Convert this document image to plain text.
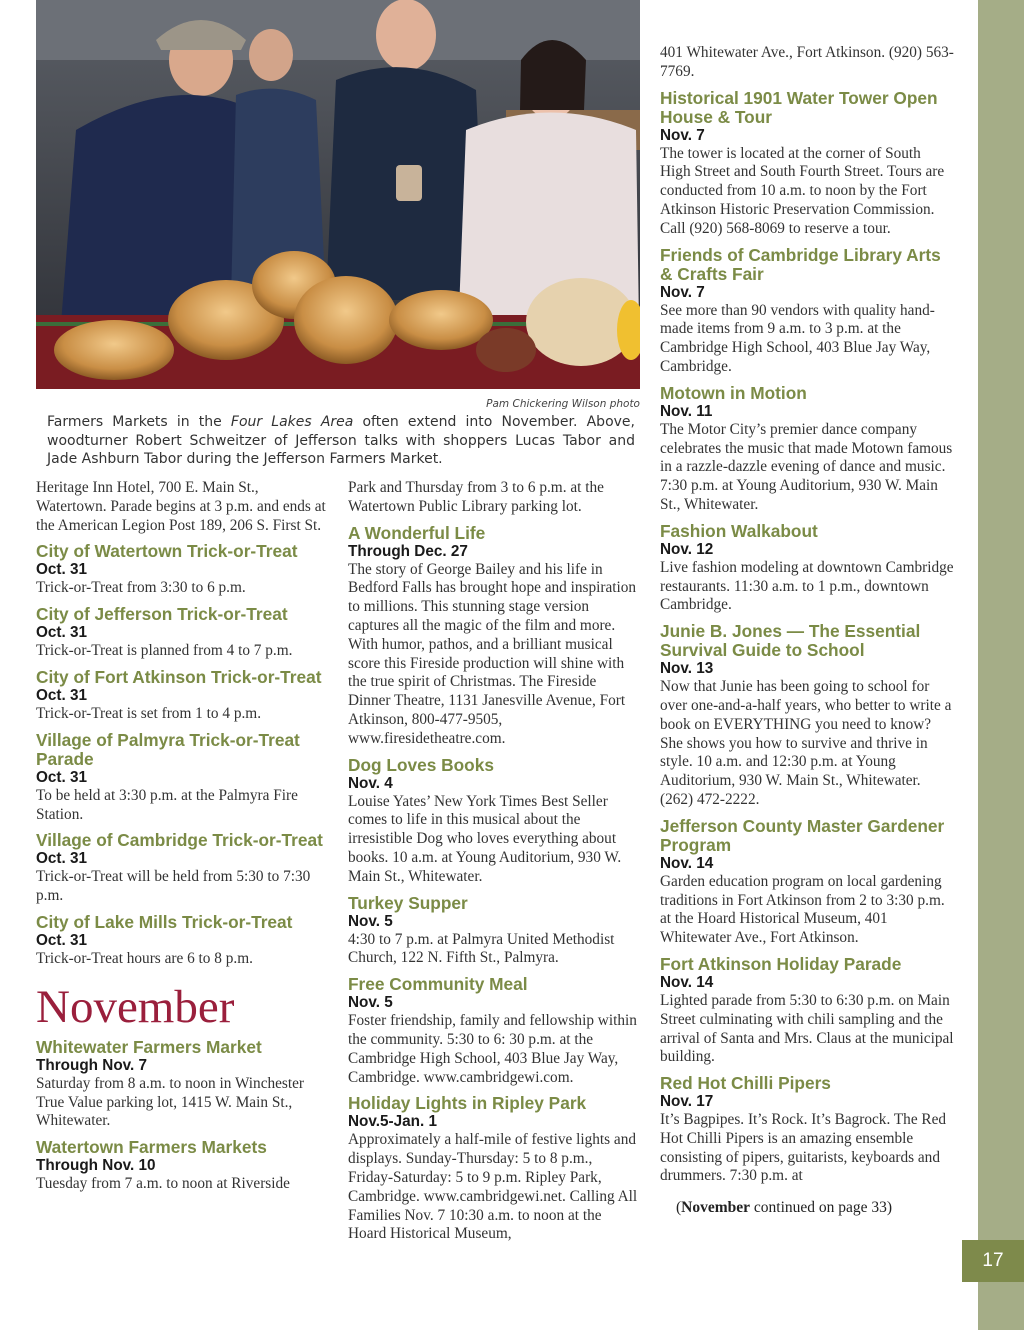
Pam Chickering Wilson photo
Farmers Markets in the Four Lakes Area often extend into November. Above, woodturner Robert Schweitzer of Jefferson talks with shoppers Lucas Tabor and Jade Ashburn Tabor during the Jefferson Farmers Market.
Heritage Inn Hotel, 700 E. Main St., Watertown. Parade begins at 3 p.m. and ends at the American Legion Post 189, 206 S. First St.
City of Watertown Trick-or-Treat
Oct. 31
Trick-or-Treat from 3:30 to 6 p.m.
City of Jefferson Trick-or-Treat
Oct. 31
Trick-or-Treat is planned from 4 to 7 p.m.
City of Fort Atkinson Trick-or-Treat
Oct. 31
Trick-or-Treat is set from 1 to 4 p.m.
Village of Palmyra Trick-or-Treat Parade
Oct. 31
To be held at 3:30 p.m. at the Palmyra Fire Station.
Village of Cambridge Trick-or-Treat
Oct. 31
Trick-or-Treat will be held from 5:30 to 7:30 p.m.
City of Lake Mills Trick-or-Treat
Oct. 31
Trick-or-Treat hours are 6 to 8 p.m.
November
Whitewater Farmers Market
Through Nov. 7
Saturday from 8 a.m. to noon in Winchester True Value parking lot, 1415 W. Main St., Whitewater.
Watertown Farmers Markets
Through Nov. 10
Tuesday from 7 a.m. to noon at Riverside
Park and Thursday from 3 to 6 p.m. at the Watertown Public Library parking lot.
A Wonderful Life
Through Dec. 27
The story of George Bailey and his life in Bedford Falls has brought hope and inspiration to millions. This stunning stage version captures all the magic of the film and more. With humor, pathos, and a brilliant musical score this Fireside production will shine with the true spirit of Christmas. The Fireside Dinner Theatre, 1131 Janesville Avenue, Fort Atkinson, 800-477-9505, www.firesidetheatre.com.
Dog Loves Books
Nov. 4
Louise Yates’ New York Times Best Seller comes to life in this musical about the irresistible Dog who loves everything about books. 10 a.m. at Young Auditorium, 930 W. Main St., Whitewater.
Turkey Supper
Nov. 5
4:30 to 7 p.m. at Palmyra United Methodist Church, 122 N. Fifth St., Palmyra.
Free Community Meal
Nov. 5
Foster friendship, family and fellowship within the community. 5:30 to 6: 30 p.m. at the Cambridge High School, 403 Blue Jay Way, Cambridge. www.cambridgewi.com.
Holiday Lights in Ripley Park
Nov.5-Jan. 1
Approximately a half-mile of festive lights and displays. Sunday-Thursday: 5 to 8 p.m., Friday-Saturday: 5 to 9 p.m. Ripley Park, Cambridge. www.cambridgewi.net. Calling All Families Nov. 7 10:30 a.m. to noon at the Hoard Historical Museum,
401 Whitewater Ave., Fort Atkinson. (920) 563-7769.
Historical 1901 Water Tower Open House & Tour
Nov. 7
The tower is located at the corner of South High Street and South Fourth Street. Tours are conducted from 10 a.m. to noon by the Fort Atkinson Historic Preservation Commission. Call (920) 568-8069 to reserve a tour.
Friends of Cambridge Library Arts & Crafts Fair
Nov. 7
See more than 90 vendors with quality hand-made items from 9 a.m. to 3 p.m. at the Cambridge High School, 403 Blue Jay Way, Cambridge.
Motown in Motion
Nov. 11
The Motor City’s premier dance company celebrates the music that made Motown famous in a razzle-dazzle evening of dance and music. 7:30 p.m. at Young Auditorium, 930 W. Main St., Whitewater.
Fashion Walkabout
Nov. 12
Live fashion modeling at downtown Cambridge restaurants. 11:30 a.m. to 1 p.m., downtown Cambridge.
Junie B. Jones — The Essential Survival Guide to School
Nov. 13
Now that Junie has been going to school for over one-and-a-half years, who better to write a book on EVERYTHING you need to know? She shows you how to survive and thrive in style. 10 a.m. and 12:30 p.m. at Young Auditorium, 930 W. Main St., Whitewater. (262) 472-2222.
Jefferson County Master Gardener Program
Nov. 14
Garden education program on local gardening traditions in Fort Atkinson from 2 to 3:30 p.m. at the Hoard Historical Museum, 401 Whitewater Ave., Fort Atkinson.
Fort Atkinson Holiday Parade
Nov. 14
Lighted parade from 5:30 to 6:30 p.m. on Main Street culminating with chili sampling and the arrival of Santa and Mrs. Claus at the municipal building.
Red Hot Chilli Pipers
Nov. 17
It’s Bagpipes. It’s Rock. It’s Bagrock. The Red Hot Chilli Pipers is an amazing ensemble consisting of pipers, guitarists, keyboards and drummers. 7:30 p.m. at
(November continued on page 33)
17
